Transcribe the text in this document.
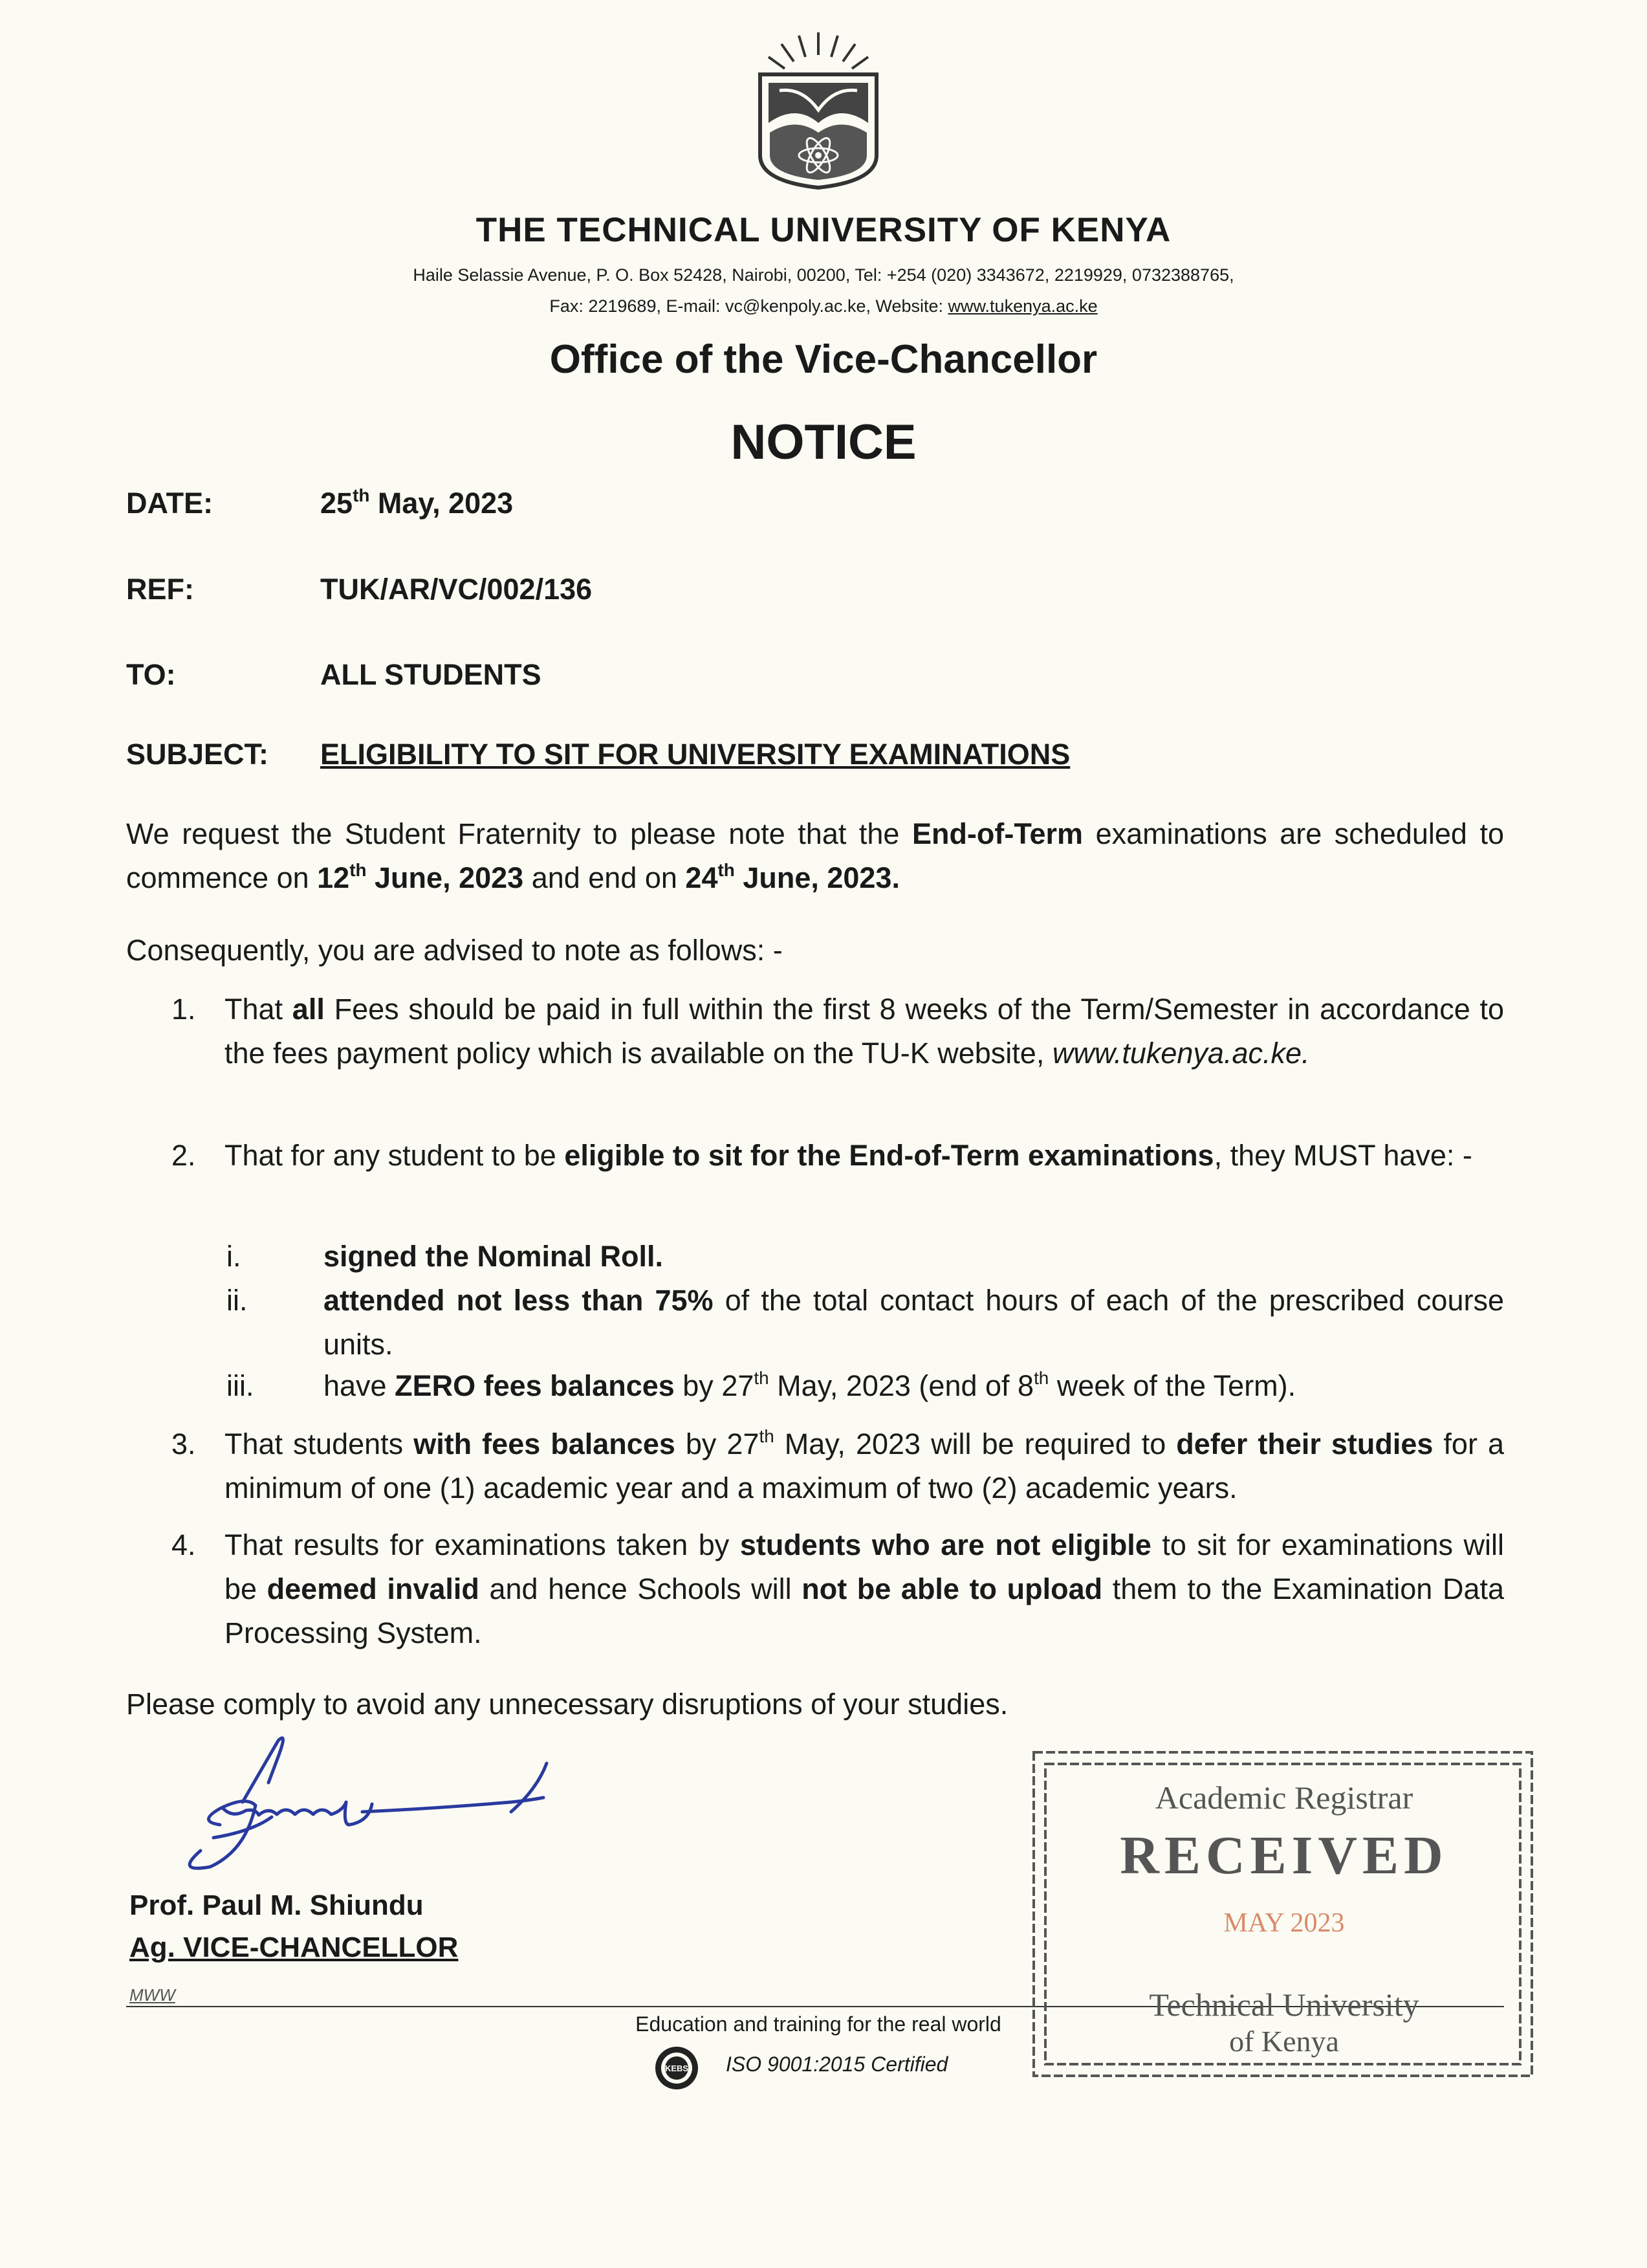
THE TECHNICAL UNIVERSITY OF KENYA
Haile Selassie Avenue, P. O. Box 52428, Nairobi, 00200, Tel: +254 (020) 3343672, 2219929, 0732388765,
Fax: 2219689, E-mail: vc@kenpoly.ac.ke, Website: www.tukenya.ac.ke
Office of the Vice-Chancellor
NOTICE
DATE:	25th May, 2023
REF:	TUK/AR/VC/002/136
TO:	ALL STUDENTS
SUBJECT: ELIGIBILITY TO SIT FOR UNIVERSITY EXAMINATIONS
We request the Student Fraternity to please note that the End-of-Term examinations are scheduled to commence on 12th June, 2023 and end on 24th June, 2023.
Consequently, you are advised to note as follows: -
1. That all Fees should be paid in full within the first 8 weeks of the Term/Semester in accordance to the fees payment policy which is available on the TU-K website, www.tukenya.ac.ke.
2. That for any student to be eligible to sit for the End-of-Term examinations, they MUST have: -
i.	signed the Nominal Roll.
ii.	attended not less than 75% of the total contact hours of each of the prescribed course units.
iii. have ZERO fees balances by 27th May, 2023 (end of 8th week of the Term).
3. That students with fees balances by 27th May, 2023 will be required to defer their studies for a minimum of one (1) academic year and a maximum of two (2) academic years.
4. That results for examinations taken by students who are not eligible to sit for examinations will be deemed invalid and hence Schools will not be able to upload them to the Examination Data Processing System.
Please comply to avoid any unnecessary disruptions of your studies.
Prof. Paul M. Shiundu
Ag. VICE-CHANCELLOR
MWW
Education and training for the real world
KEBS ISO 9001:2015 Certified
Academic Registrar
RECEIVED
MAY 2023
Technical University
of Kenya
